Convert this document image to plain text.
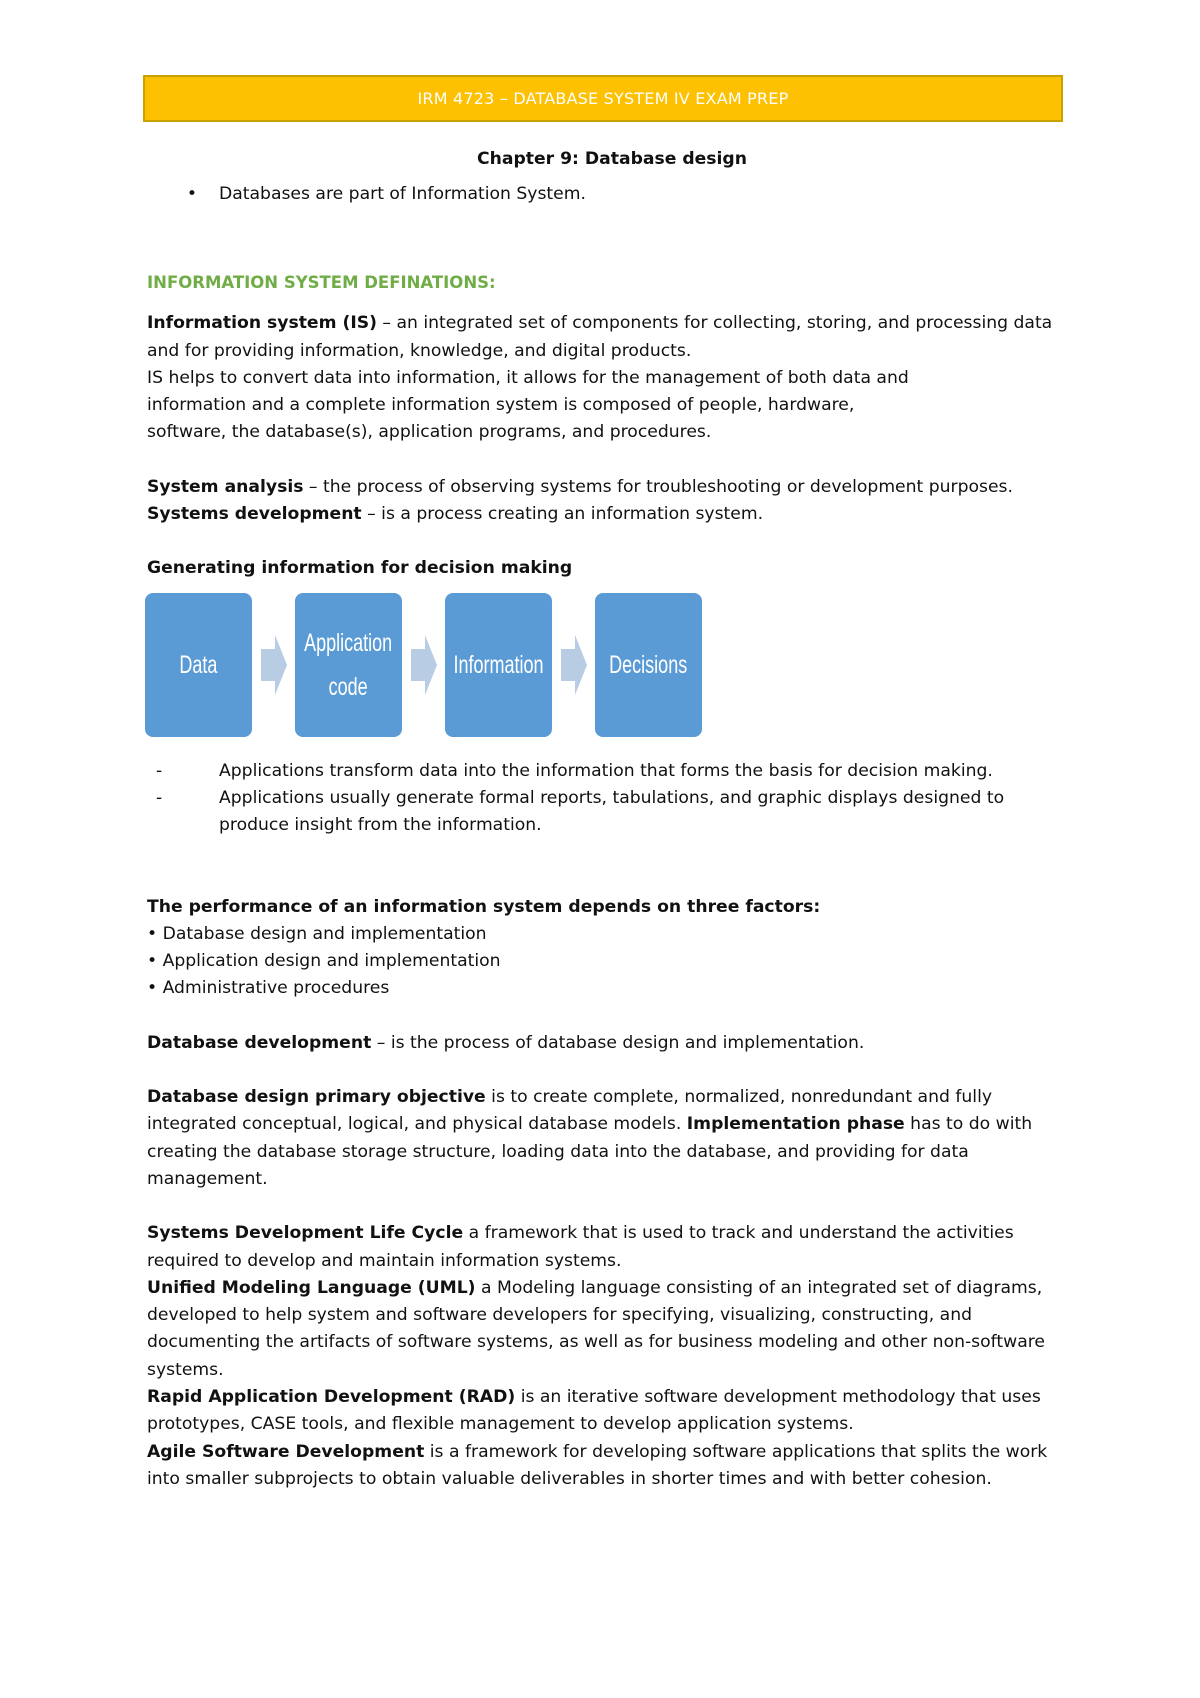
IRM 4723 – DATABASE SYSTEM IV EXAM PREP

Chapter 9: Database design

•	Databases are part of Information System.

INFORMATION SYSTEM DEFINATIONS:

Information system (IS) – an integrated set of components for collecting, storing, and processing data and for providing information, knowledge, and digital products.

IS helps to convert data into information, it allows for the management of both data and information and a complete information system is composed of people, hardware, software, the database(s), application programs, and procedures.

System analysis – the process of observing systems for troubleshooting or development purposes.

Systems development – is a process creating an information system.

Generating information for decision making

Data
Application code
Information	Decisions
-	Applications transform data into the information that forms the basis for decision making.
-	Applications usually generate formal reports, tabulations, and graphic displays designed to produce insight from the information.

The performance of an information system depends on three factors:

• Database design and implementation

• Application design and implementation

• Administrative procedures

Database development – is the process of database design and implementation.

Database design primary objective is to create complete, normalized, nonredundant and fully integrated conceptual, logical, and physical database models. Implementation phase has to do with creating the database storage structure, loading data into the database, and providing for data management.

Systems Development Life Cycle a framework that is used to track and understand the activities required to develop and maintain information systems.

Unified Modeling Language (UML) a Modeling language consisting of an integrated set of diagrams, developed to help system and software developers for specifying, visualizing, constructing, and documenting the artifacts of software systems, as well as for business modeling and other non-software systems.

Rapid Application Development (RAD) is an iterative software development methodology that uses prototypes, CASE tools, and flexible management to develop application systems.

Agile Software Development is a framework for developing software applications that splits the work into smaller subprojects to obtain valuable deliverables in shorter times and with better cohesion.
